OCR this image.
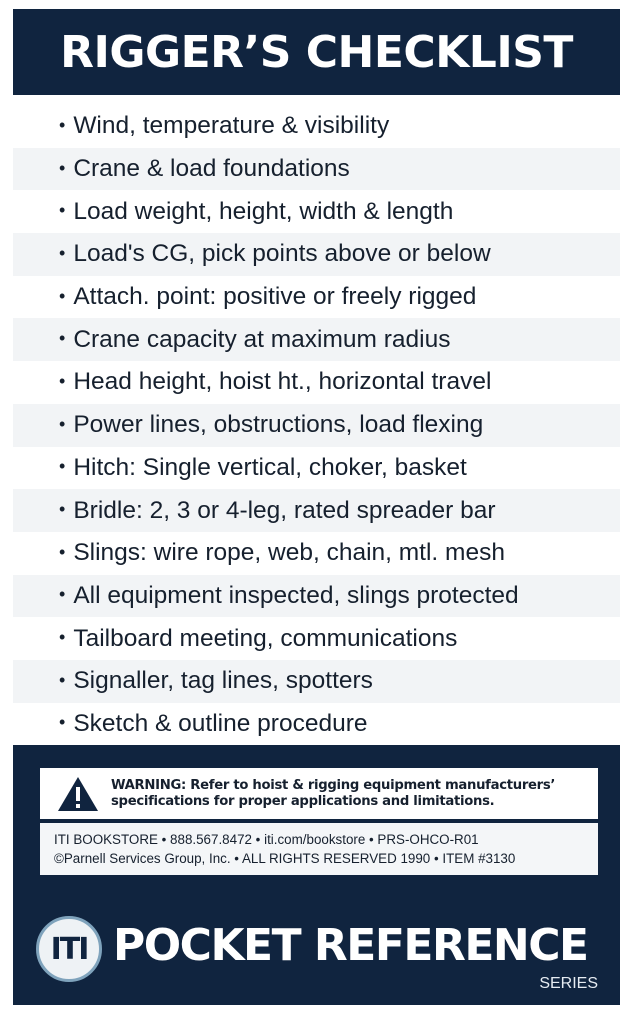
RIGGER’S CHECKLIST
• Wind, temperature & visibility
• Crane & load foundations
• Load weight, height, width & length
• Load's CG, pick points above or below
• Attach. point: positive or freely rigged
• Crane capacity at maximum radius
• Head height, hoist ht., horizontal travel
• Power lines, obstructions, load flexing
• Hitch: Single vertical, choker, basket
• Bridle: 2, 3 or 4-leg, rated spreader bar
• Slings: wire rope, web, chain, mtl. mesh
• All equipment inspected, slings protected
• Tailboard meeting, communications
• Signaller, tag lines, spotters
• Sketch & outline procedure
WARNING: Refer to hoist & rigging equipment manufacturers’
specifications for proper applications and limitations.
ITI BOOKSTORE • 888.567.8472 • iti.com/bookstore • PRS-OHCO-R01
©Parnell Services Group, Inc. • ALL RIGHTS RESERVED 1990 • ITEM #3130
ITI POCKET REFERENCE
SERIES
